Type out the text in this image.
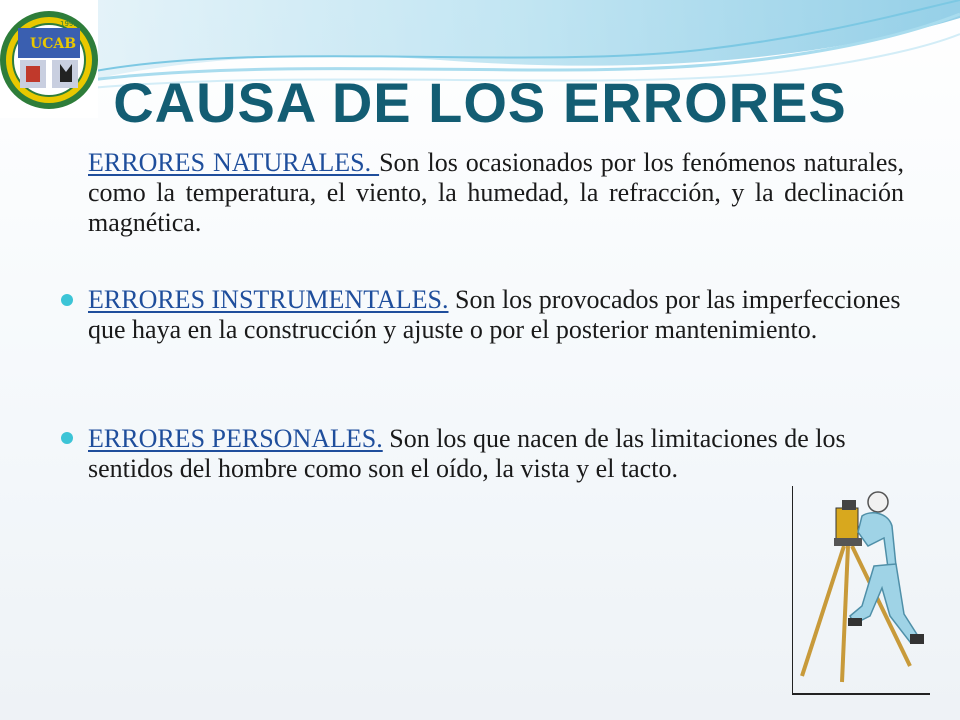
UCAB
1993
CAUSA DE LOS ERRORES
ERRORES NATURALES. Son los ocasionados por los fenómenos naturales, como la temperatura, el viento, la humedad, la refracción, y la declinación magnética.
ERRORES INSTRUMENTALES. Son los provocados por las imperfecciones que haya en la construcción y ajuste o por el posterior mantenimiento.
ERRORES PERSONALES. Son los que nacen de las limitaciones de los sentidos del hombre como son el oído, la vista y el tacto.
